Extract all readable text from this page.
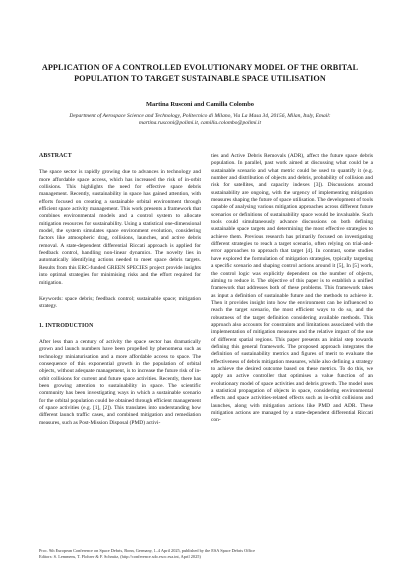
APPLICATION OF A CONTROLLED EVOLUTIONARY MODEL OF THE ORBITAL POPULATION TO TARGET SUSTAINABLE SPACE UTILISATION
Martina Rusconi and Camilla Colombo
Department of Aerospace Science and Technology, Politecnico di Milano, Via La Masa 34, 20156, Milan, Italy, Email: martina.rusconi@polimi.it, camilla.colombo@polimi.it
ABSTRACT

The space sector is rapidly growing due to advances in technology and more affordable space access, which has increased the risk of in-orbit collisions. This highlights the need for effective space debris management. Recently, sustainability in space has gained attention, with efforts focused on creating a sustainable orbital environment through efficient space activity management. This work presents a framework that combines environmental models and a control system to allocate mitigation resources for sustainability. Using a statistical one-dimensional model, the system simulates space environment evolution, considering factors like atmospheric drag, collisions, launches, and active debris removal. A state-dependent differential Riccati approach is applied for feedback control, handling non-linear dynamics. The novelty lies in automatically identifying actions needed to meet space debris targets. Results from this ERC-funded GREEN SPECIES project provide insights into optimal strategies for minimising risks and the effort required for mitigation.

Keywords: space debris; feedback control; sustainable space; mitigation strategy.

1. INTRODUCTION

After less than a century of activity the space sector has dramatically grown and launch numbers have been propelled by phenomena such as technology miniaturisation and a more affordable access to space. The consequence of this exponential growth in the population of orbital objects, without adequate management, is to increase the future risk of in-orbit collisions for current and future space activities. Recently, there has been growing attention to sustainability in space. The scientific community has been investigating ways in which a sustainable scenario for the orbital population could be obtained through efficient management of space activities (e.g. [1], [2]). This translates into understanding how different launch traffic cases, and combined mitigation and remediation measures, such as Post-Mission Disposal (PMD) activi-

ties and Active Debris Removals (ADR), affect the future space debris population. In parallel, past work aimed at discussing what could be a sustainable scenario and what metric could be used to quantify it (e.g. number and distribution of objects and debris, probability of collision and risk for satellites, and capacity indexes [3]). Discussions around sustainability are ongoing, with the urgency of implementing mitigation measures shaping the future of space utilisation. The development of tools capable of analysing various mitigation approaches across different future scenarios or definitions of sustainability space would be invaluable. Such tools could simultaneously advance discussions on both defining sustainable space targets and determining the most effective strategies to achieve them. Previous research has primarily focused on investigating different strategies to reach a target scenario, often relying on trial-and-error approaches to approach that target [4]. In contrast, some studies have explored the formulation of mitigation strategies, typically targeting a specific scenario and shaping control actions around it [5], In [5] work, the control logic was explicitly dependent on the number of objects, aiming to reduce it. The objective of this paper is to establish a unified framework that addresses both of these problems. This framework takes as input a definition of sustainable future and the methods to achieve it. Then it provides insight into how the environment can be influenced to reach the target scenario, the most efficient ways to do so, and the robustness of the target definition considering available methods. This approach also accounts for constraints and limitations associated with the implementation of mitigation measures and the relative impact of the use of different spatial regions. This paper presents an initial step towards defining this general framework. The proposed approach integrates the definition of sustainability metrics and figures of merit to evaluate the effectiveness of debris mitigation measures, while also defining a strategy to achieve the desired outcome based on these metrics. To do this, we apply an active controller that optimises a value function of an evolutionary model of space activities and debris growth. The model uses a statistical propagation of objects in space, considering environmental effects and space activities-related effects such as in-orbit collisions and launches, along with mitigation actions like PMD and ADR. These mitigation actions are managed by a state-dependent differential Riccati con-

Proc. 9th European Conference on Space Debris, Bonn, Germany, 1–4 April 2025, published by the ESA Space Debris Office
Editors: S. Lemmens, T. Flohrer & F. Schmitz, (http://conference.sdo.esoc.esa.int, April 2025)
